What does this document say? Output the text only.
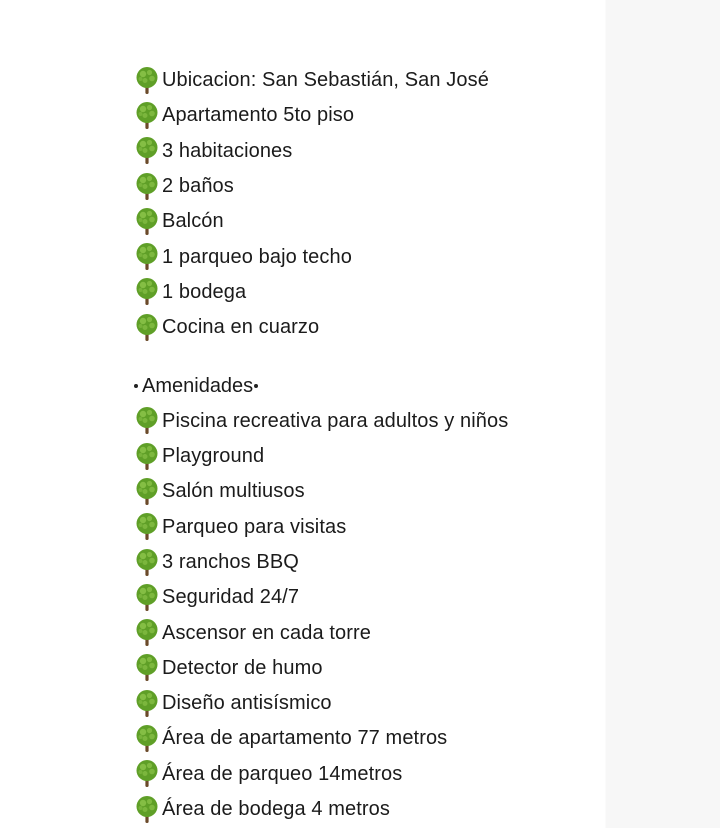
Ubicacion: San Sebastián, San José
Apartamento 5to piso
3 habitaciones
2 baños
Balcón
1 parqueo bajo techo
1 bodega
Cocina en cuarzo
Amenidades
Piscina recreativa para adultos y niños
Playground
Salón multiusos
Parqueo para visitas
3 ranchos BBQ
Seguridad 24/7
Ascensor en cada torre
Detector de humo
Diseño antisísmico
Área de apartamento 77 metros
Área de parqueo 14metros
Área de bodega 4 metros
